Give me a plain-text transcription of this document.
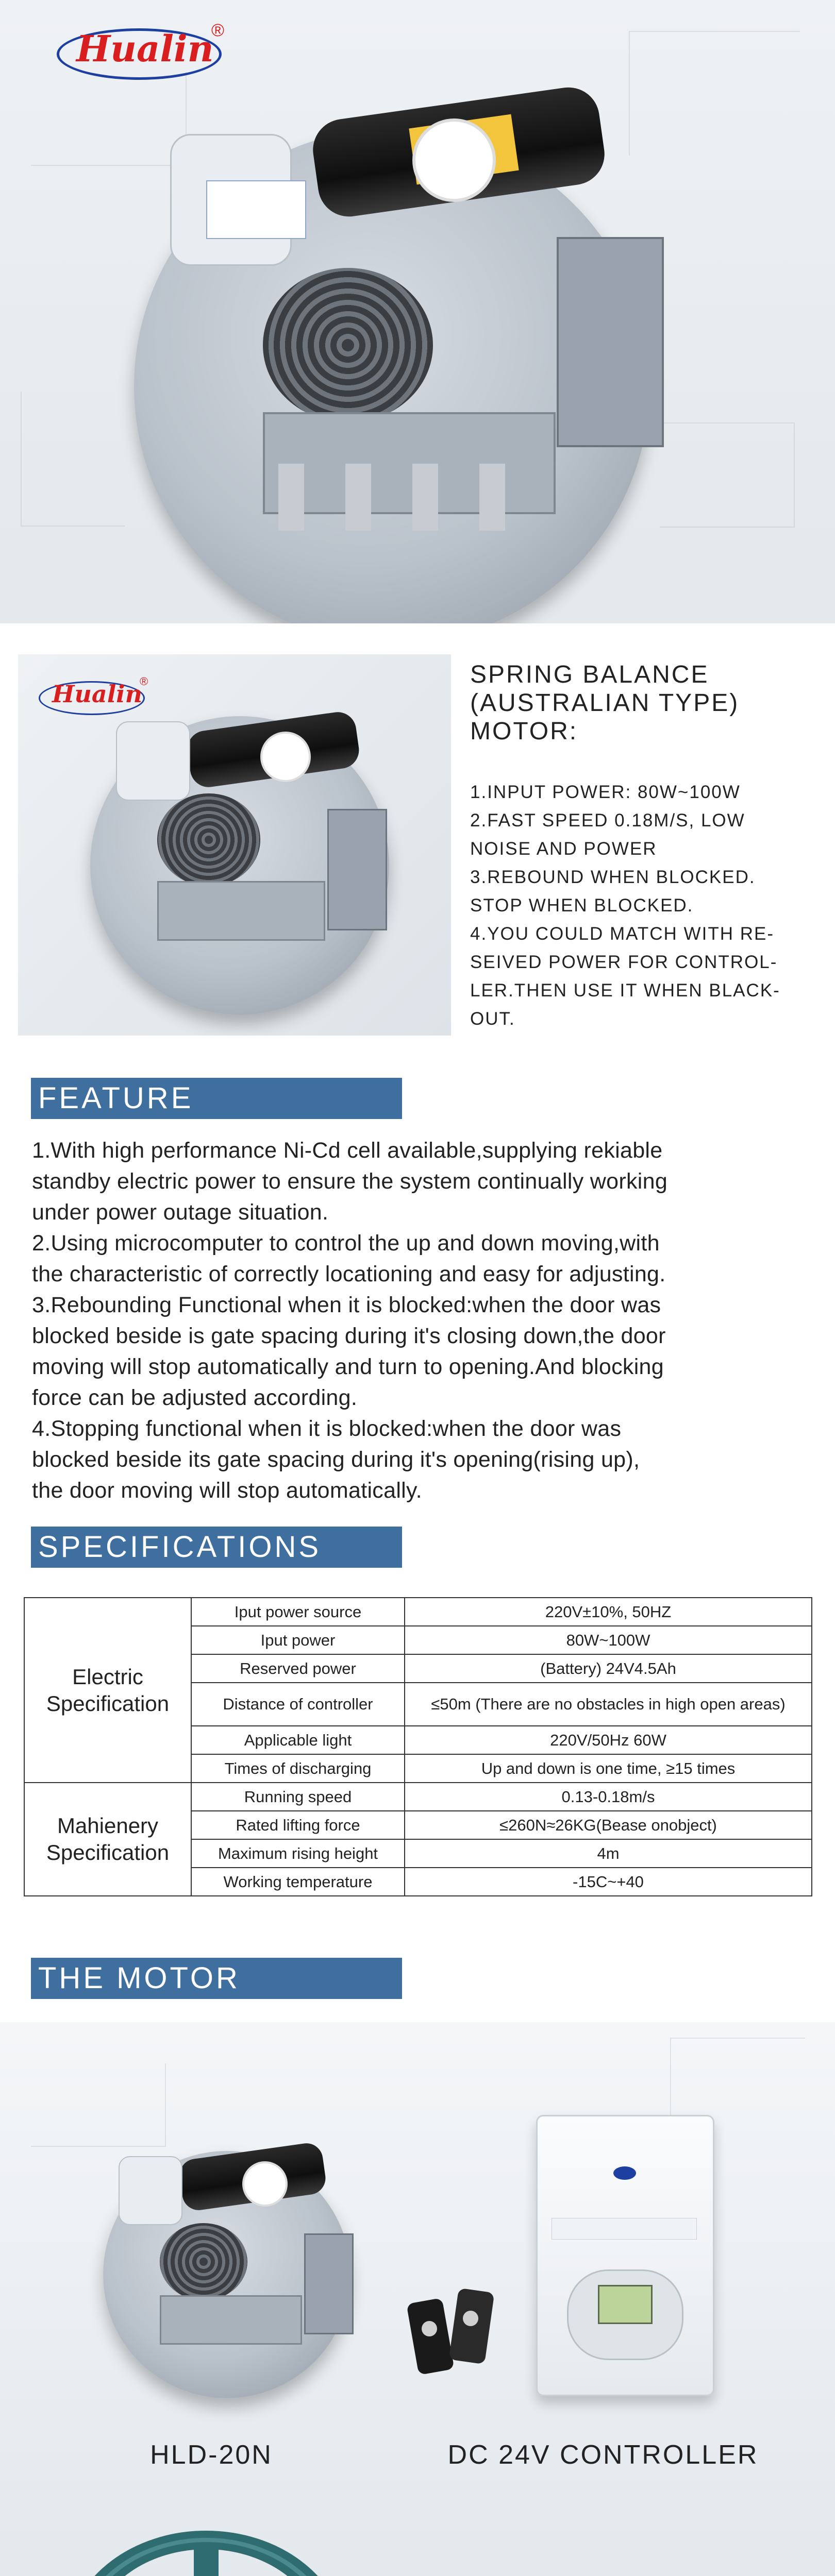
Hualin
®
Hualin
®	SPRING BALANCE
(AUSTRALIAN TYPE)
MOTOR:
1.INPUT POWER: 80W~100W
2.FAST SPEED 0.18M/S, LOW
NOISE AND POWER
3.REBOUND WHEN BLOCKED.
STOP WHEN BLOCKED.
4.YOU COULD MATCH WITH RE-
SEIVED POWER FOR CONTROL-
LER.THEN USE IT WHEN BLACK-
OUT.
FEATURE

1.With high performance Ni-Cd cell available,supplying rekiable

standby electric power to ensure the system continually working

under power outage situation.

2.Using microcomputer to control the up and down moving,with

the characteristic of correctly locationing and easy for adjusting.

3.Rebounding Functional when it is blocked:when the door was

blocked beside is gate spacing during it's closing down,the door

moving will stop automatically and turn to opening.And blocking

force can be adjusted according.

4.Stopping functional when it is blocked:when the door was

blocked beside its gate spacing during it's opening(rising up),

the door moving will stop automatically.

SPECIFICATIONS
Electric
Specification	Iput power source	220V±10%, 50HZ
	Iput power	80W~100W
	Reserved power	(Battery) 24V4.5Ah
	Distance of controller	≤50m (There are no obstacles in high open areas)
	Applicable light	220V/50Hz 60W
	Times of discharging	Up and down is one time, ≥15 times

Mahienery
Specification	Running speed	0.13-0.18m/s
	Rated lifting force	≤260N≈26KG(Bease onobject)
	Maximum rising height	4m
	Working temperature	-15C~+40
THE MOTOR
HLD-20N	DC 24V CONTROLLER
